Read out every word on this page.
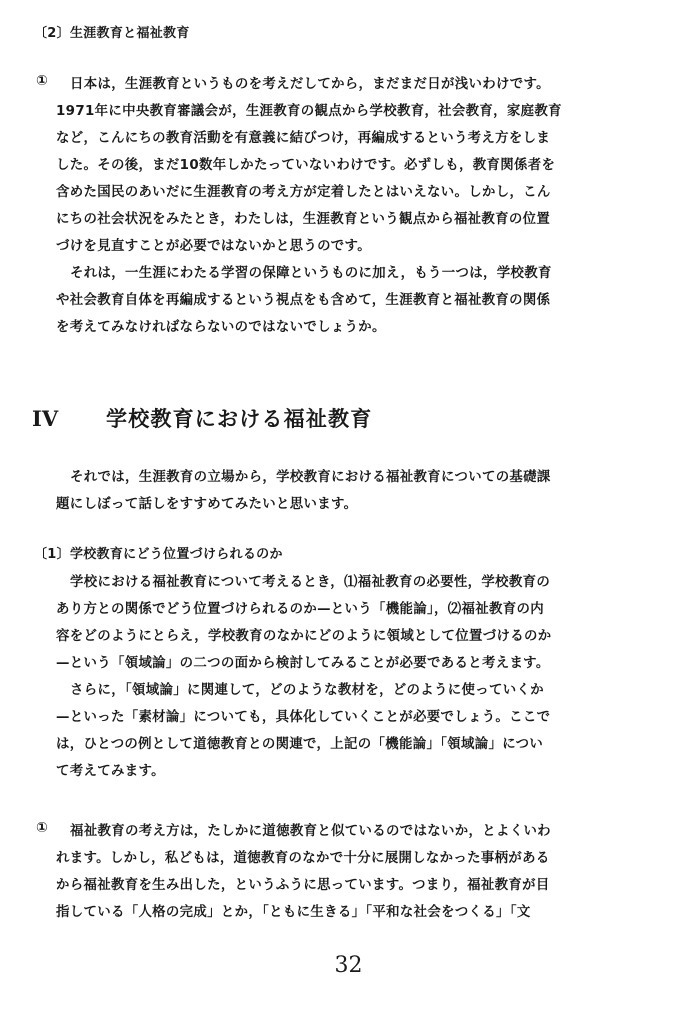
〔2〕生涯教育と福祉教育
① 日本は，生涯教育というものを考えだしてから，まだまだ日が浅いわけです。
1971年に中央教育審議会が，生涯教育の観点から学校教育，社会教育，家庭教育
など，こんにちの教育活動を有意義に結びつけ，再編成するという考え方をしま
した。その後，まだ10数年しかたっていないわけです。必ずしも，教育関係者を
含めた国民のあいだに生涯教育の考え方が定着したとはいえない。しかし，こん
にちの社会状況をみたとき，わたしは，生涯教育という観点から福祉教育の位置
づけを見直すことが必要ではないかと思うのです。
それは，一生涯にわたる学習の保障というものに加え，もう一つは，学校教育
や社会教育自体を再編成するという視点をも含めて，生涯教育と福祉教育の関係
を考えてみなければならないのではないでしょうか。
IV 学校教育における福祉教育
それでは，生涯教育の立場から，学校教育における福祉教育についての基礎課
題にしぼって話しをすすめてみたいと思います。
〔1〕学校教育にどう位置づけられるのか
学校における福祉教育について考えるとき，⑴福祉教育の必要性，学校教育の
あり方との関係でどう位置づけられるのか—という「機能論」，⑵福祉教育の内
容をどのようにとらえ，学校教育のなかにどのように領域として位置づけるのか
—という「領域論」の二つの面から検討してみることが必要であると考えます。
さらに，「領域論」に関連して，どのような教材を，どのように使っていくか
—といった「素材論」についても，具体化していくことが必要でしょう。ここで
は，ひとつの例として道徳教育との関連で，上記の「機能論」「領域論」につい
て考えてみます。
① 福祉教育の考え方は，たしかに道徳教育と似ているのではないか，とよくいわ
れます。しかし，私どもは，道徳教育のなかで十分に展開しなかった事柄がある
から福祉教育を生み出した，というふうに思っています。つまり，福祉教育が目
指している「人格の完成」とか，「ともに生きる」「平和な社会をつくる」「文
32
